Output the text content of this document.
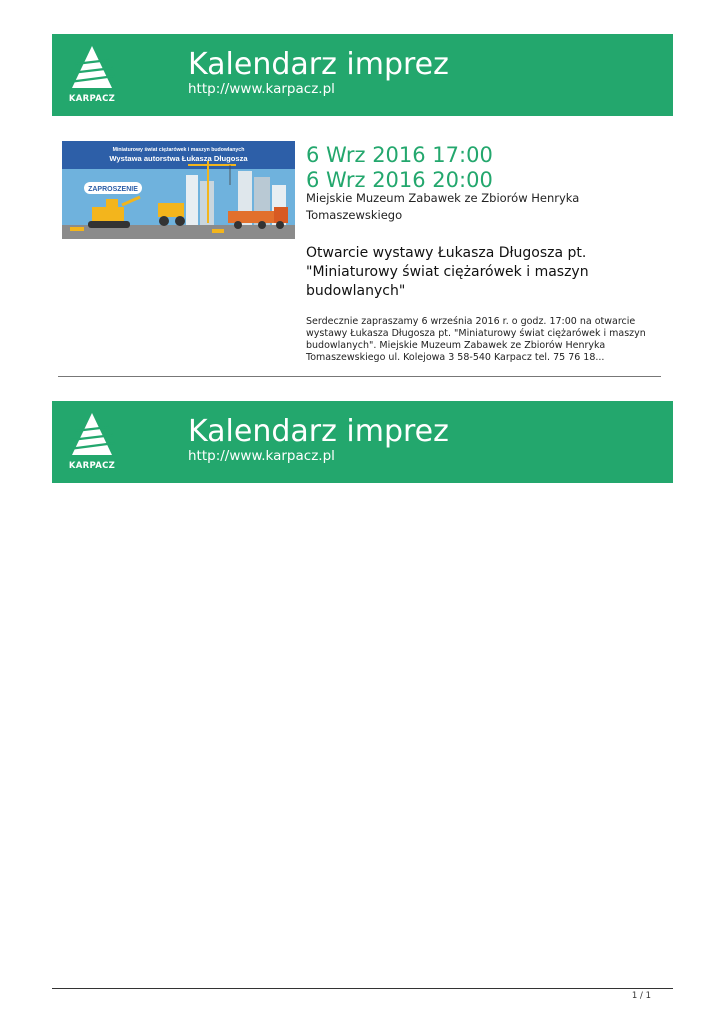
KARPACZ
Kalendarz imprez
http://www.karpacz.pl
Miniaturowy świat ciężarówek i maszyn budowlanych
Wystawa autorstwa Łukasza Długosza
ZAPROSZENIE
6 Wrz 2016 17:00
6 Wrz 2016 20:00
Miejskie Muzeum Zabawek ze Zbiorów Henryka Tomaszewskiego
Otwarcie wystawy Łukasza Długosza pt. "Miniaturowy świat ciężarówek i maszyn budowlanych"
Serdecznie zapraszamy 6 września 2016 r. o godz. 17:00 na otwarcie wystawy Łukasza Długosza pt. "Miniaturowy świat ciężarówek i maszyn budowlanych". Miejskie Muzeum Zabawek ze Zbiorów Henryka Tomaszewskiego ul. Kolejowa 3 58-540 Karpacz tel. 75 76 18...
KARPACZ
Kalendarz imprez
http://www.karpacz.pl
1 / 1
